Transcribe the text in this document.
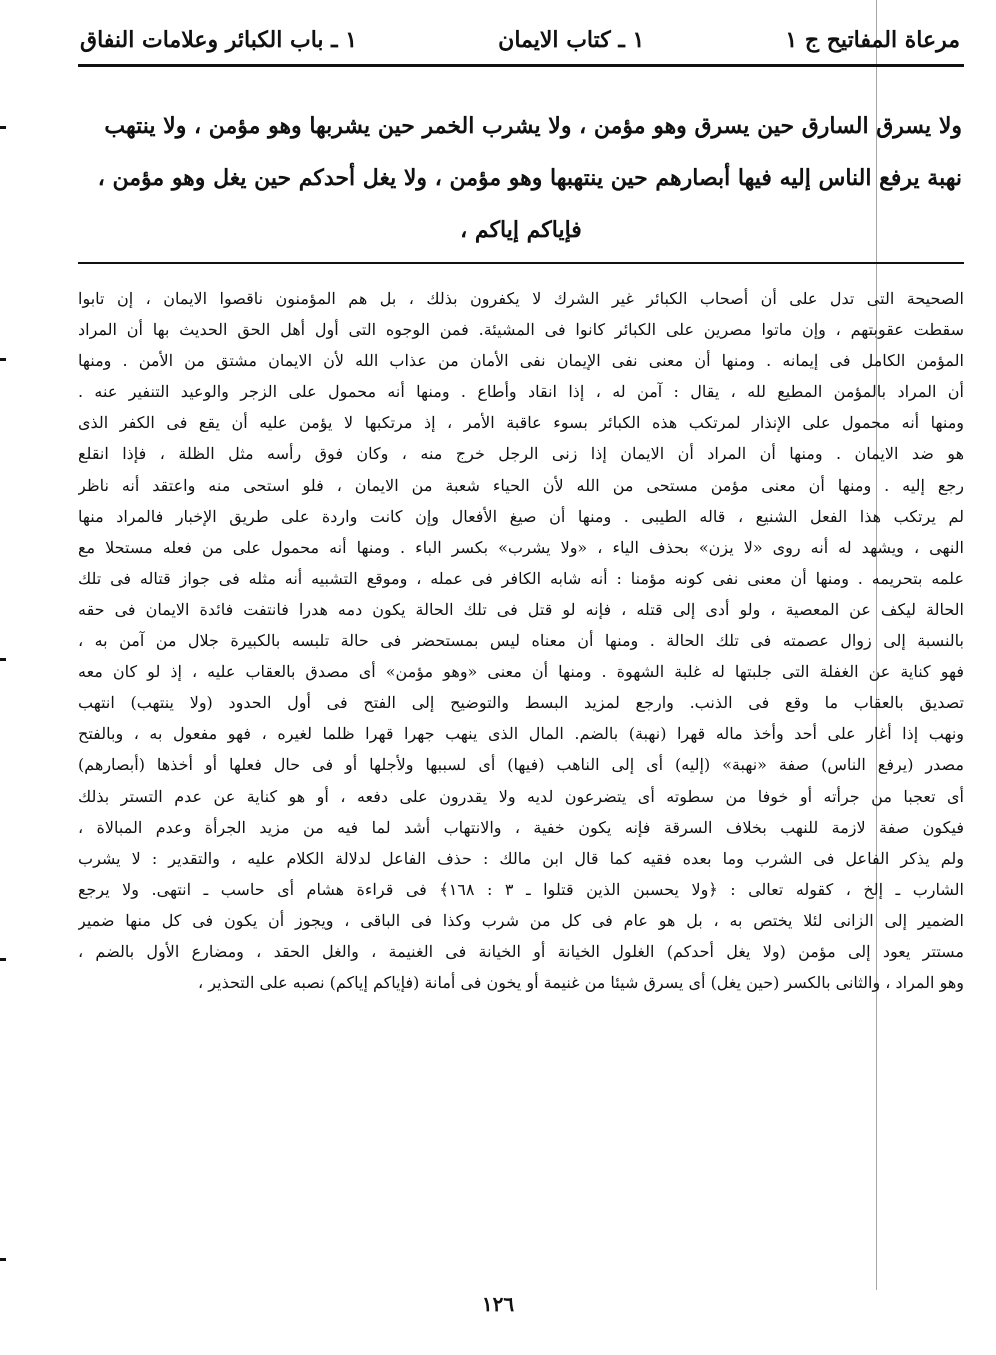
مرعاة المفاتيح ج ١
١ ـ كتاب الايمان
١ ـ باب الكبائر وعلامات النفاق

ولا يسرق السارق حين يسرق وهو مؤمن ، ولا يشرب الخمر حين يشربها وهو مؤمن ، ولا ينتهب

نهبة يرفع الناس إليه فيها أبصارهم حين ينتهبها وهو مؤمن ، ولا يغل أحدكم حين يغل وهو مؤمن ،

فإياكم إياكم ،

الصحيحة التى تدل على أن أصحاب الكبائر غير الشرك لا يكفرون بذلك ، بل هم المؤمنون ناقصوا الايمان ، إن تابوا
سقطت عقوبتهم ، وإن ماتوا مصرين على الكبائر كانوا فى المشيئة. فمن الوجوه التى أول أهل الحق الحديث بها أن المراد
المؤمن الكامل فى إيمانه . ومنها أن معنى نفى الإيمان نفى الأمان من عذاب الله لأن الايمان مشتق من الأمن . ومنها
أن المراد بالمؤمن المطيع لله ، يقال : آمن له ، إذا انقاد وأطاع . ومنها أنه محمول على الزجر والوعيد التنفير عنه .
ومنها أنه محمول على الإنذار لمرتكب هذه الكبائر بسوء عاقبة الأمر ، إذ مرتكبها لا يؤمن عليه أن يقع فى الكفر الذى
هو ضد الايمان . ومنها أن المراد أن الايمان إذا زنى الرجل خرج منه ، وكان فوق رأسه مثل الظلة ، فإذا انقلع
رجع إليه . ومنها أن معنى مؤمن مستحى من الله لأن الحياء شعبة من الايمان ، فلو استحى منه واعتقد أنه ناظر
لم يرتكب هذا الفعل الشنيع ، قاله الطيبى . ومنها أن صيغ الأفعال وإن كانت واردة على طريق الإخبار فالمراد منها
النهى ، ويشهد له أنه روى «لا يزن» بحذف الياء ، «ولا يشرب» بكسر الباء . ومنها أنه محمول على من فعله مستحلا مع
علمه بتحريمه . ومنها أن معنى نفى كونه مؤمنا : أنه شابه الكافر فى عمله ، وموقع التشبيه أنه مثله فى جواز قتاله فى تلك
الحالة ليكف عن المعصية ، ولو أدى إلى قتله ، فإنه لو قتل فى تلك الحالة يكون دمه هدرا فانتفت فائدة الايمان فى حقه
بالنسبة إلى زوال عصمته فى تلك الحالة . ومنها أن معناه ليس بمستحضر فى حالة تلبسه بالكبيرة جلال من آمن به ،
فهو كناية عن الغفلة التى جلبتها له غلبة الشهوة . ومنها أن معنى «وهو مؤمن» أى مصدق بالعقاب عليه ، إذ لو كان معه
تصديق بالعقاب ما وقع فى الذنب. وارجع لمزيد البسط والتوضيح إلى الفتح فى أول الحدود (ولا ينتهب) انتهب
ونهب إذا أغار على أحد وأخذ ماله قهرا (نهبة) بالضم. المال الذى ينهب جهرا قهرا ظلما لغيره ، فهو مفعول به ، وبالفتح
مصدر (يرفع الناس) صفة «نهبة» (إليه) أى إلى الناهب (فيها) أى لسببها ولأجلها أو فى حال فعلها أو أخذها (أبصارهم)
أى تعجبا من جرأته أو خوفا من سطوته أى يتضرعون لديه ولا يقدرون على دفعه ، أو هو كناية عن عدم التستر بذلك
فيكون صفة لازمة للنهب بخلاف السرقة فإنه يكون خفية ، والانتهاب أشد لما فيه من مزيد الجرأة وعدم المبالاة ،
ولم يذكر الفاعل فى الشرب وما بعده فقيه كما قال ابن مالك : حذف الفاعل لدلالة الكلام عليه ، والتقدير : لا يشرب
الشارب ـ إلخ ، كقوله تعالى : ﴿ولا يحسبن الذين قتلوا ـ ٣ : ١٦٨﴾ فى قراءة هشام أى حاسب ـ انتهى. ولا يرجع
الضمير إلى الزانى لئلا يختص به ، بل هو عام فى كل من شرب وكذا فى الباقى ، ويجوز أن يكون فى كل منها ضمير
مستتر يعود إلى مؤمن (ولا يغل أحدكم) الغلول الخيانة أو الخيانة فى الغنيمة ، والغل الحقد ، ومضارع الأول بالضم ،
وهو المراد ، والثانى بالكسر (حين يغل) أى يسرق شيئا من غنيمة أو يخون فى أمانة (فإياكم إياكم) نصبه على التحذير ،
١٢٦
